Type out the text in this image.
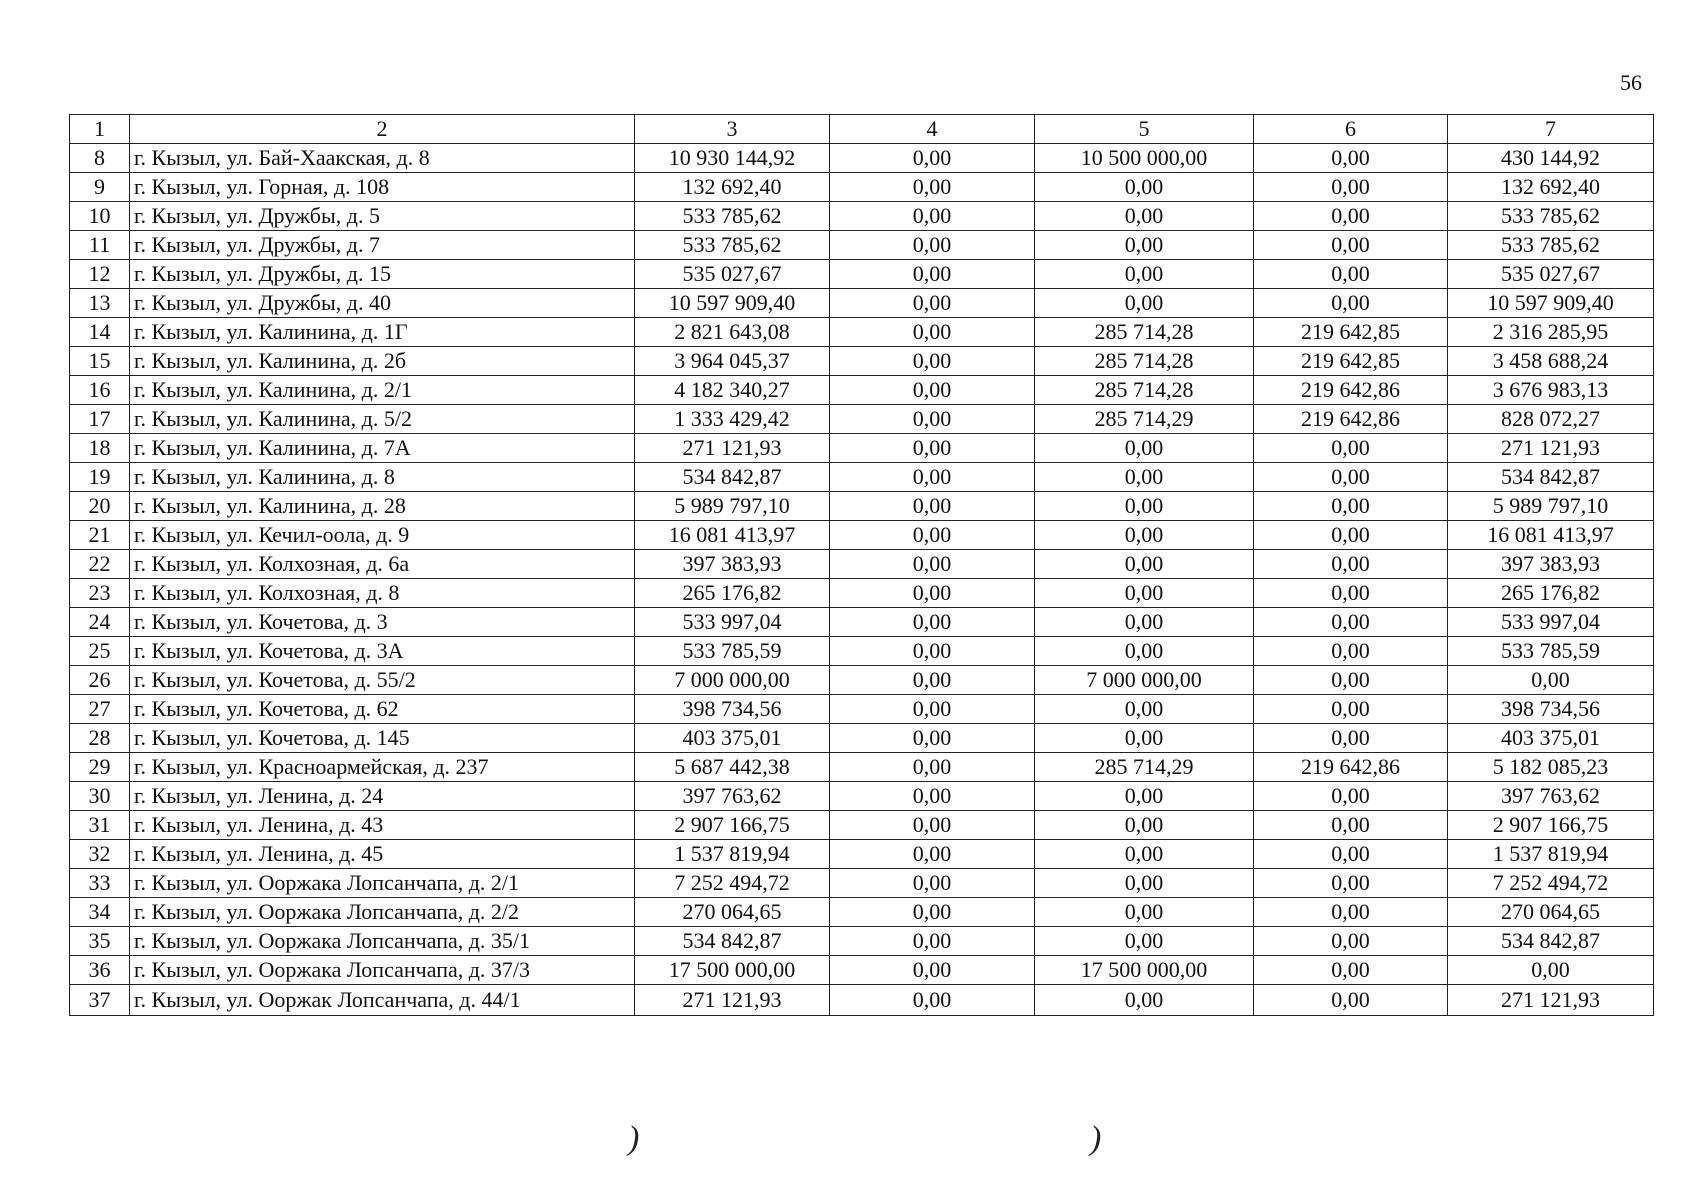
56
1	2	3	4	5	6	7
8	г. Кызыл, ул. Бай-Хаакская, д. 8	10 930 144,92	0,00	10 500 000,00	0,00	430 144,92
9	г. Кызыл, ул. Горная, д. 108	132 692,40	0,00	0,00	0,00	132 692,40
10	г. Кызыл, ул. Дружбы, д. 5	533 785,62	0,00	0,00	0,00	533 785,62
11	г. Кызыл, ул. Дружбы, д. 7	533 785,62	0,00	0,00	0,00	533 785,62
12	г. Кызыл, ул. Дружбы, д. 15	535 027,67	0,00	0,00	0,00	535 027,67
13	г. Кызыл, ул. Дружбы, д. 40	10 597 909,40	0,00	0,00	0,00	10 597 909,40
14	г. Кызыл, ул. Калинина, д. 1Г	2 821 643,08	0,00	285 714,28	219 642,85	2 316 285,95
15	г. Кызыл, ул. Калинина, д. 2б	3 964 045,37	0,00	285 714,28	219 642,85	3 458 688,24
16	г. Кызыл, ул. Калинина, д. 2/1	4 182 340,27	0,00	285 714,28	219 642,86	3 676 983,13
17	г. Кызыл, ул. Калинина, д. 5/2	1 333 429,42	0,00	285 714,29	219 642,86	828 072,27
18	г. Кызыл, ул. Калинина, д. 7А	271 121,93	0,00	0,00	0,00	271 121,93
19	г. Кызыл, ул. Калинина, д. 8	534 842,87	0,00	0,00	0,00	534 842,87
20	г. Кызыл, ул. Калинина, д. 28	5 989 797,10	0,00	0,00	0,00	5 989 797,10
21	г. Кызыл, ул. Кечил-оола, д. 9	16 081 413,97	0,00	0,00	0,00	16 081 413,97
22	г. Кызыл, ул. Колхозная, д. 6а	397 383,93	0,00	0,00	0,00	397 383,93
23	г. Кызыл, ул. Колхозная, д. 8	265 176,82	0,00	0,00	0,00	265 176,82
24	г. Кызыл, ул. Кочетова, д. 3	533 997,04	0,00	0,00	0,00	533 997,04
25	г. Кызыл, ул. Кочетова, д. 3А	533 785,59	0,00	0,00	0,00	533 785,59
26	г. Кызыл, ул. Кочетова, д. 55/2	7 000 000,00	0,00	7 000 000,00	0,00	0,00
27	г. Кызыл, ул. Кочетова, д. 62	398 734,56	0,00	0,00	0,00	398 734,56
28	г. Кызыл, ул. Кочетова, д. 145	403 375,01	0,00	0,00	0,00	403 375,01
29	г. Кызыл, ул. Красноармейская, д. 237	5 687 442,38	0,00	285 714,29	219 642,86	5 182 085,23
30	г. Кызыл, ул. Ленина, д. 24	397 763,62	0,00	0,00	0,00	397 763,62
31	г. Кызыл, ул. Ленина, д. 43	2 907 166,75	0,00	0,00	0,00	2 907 166,75
32	г. Кызыл, ул. Ленина, д. 45	1 537 819,94	0,00	0,00	0,00	1 537 819,94
33	г. Кызыл, ул. Ооржака Лопсанчапа, д. 2/1	7 252 494,72	0,00	0,00	0,00	7 252 494,72
34	г. Кызыл, ул. Ооржака Лопсанчапа, д. 2/2	270 064,65	0,00	0,00	0,00	270 064,65
35	г. Кызыл, ул. Ооржака Лопсанчапа, д. 35/1	534 842,87	0,00	0,00	0,00	534 842,87
36	г. Кызыл, ул. Ооржака Лопсанчапа, д. 37/3	17 500 000,00	0,00	17 500 000,00	0,00	0,00
37	г. Кызыл, ул. Ооржак Лопсанчапа, д. 44/1	271 121,93	0,00	0,00	0,00	271 121,93
)	)
